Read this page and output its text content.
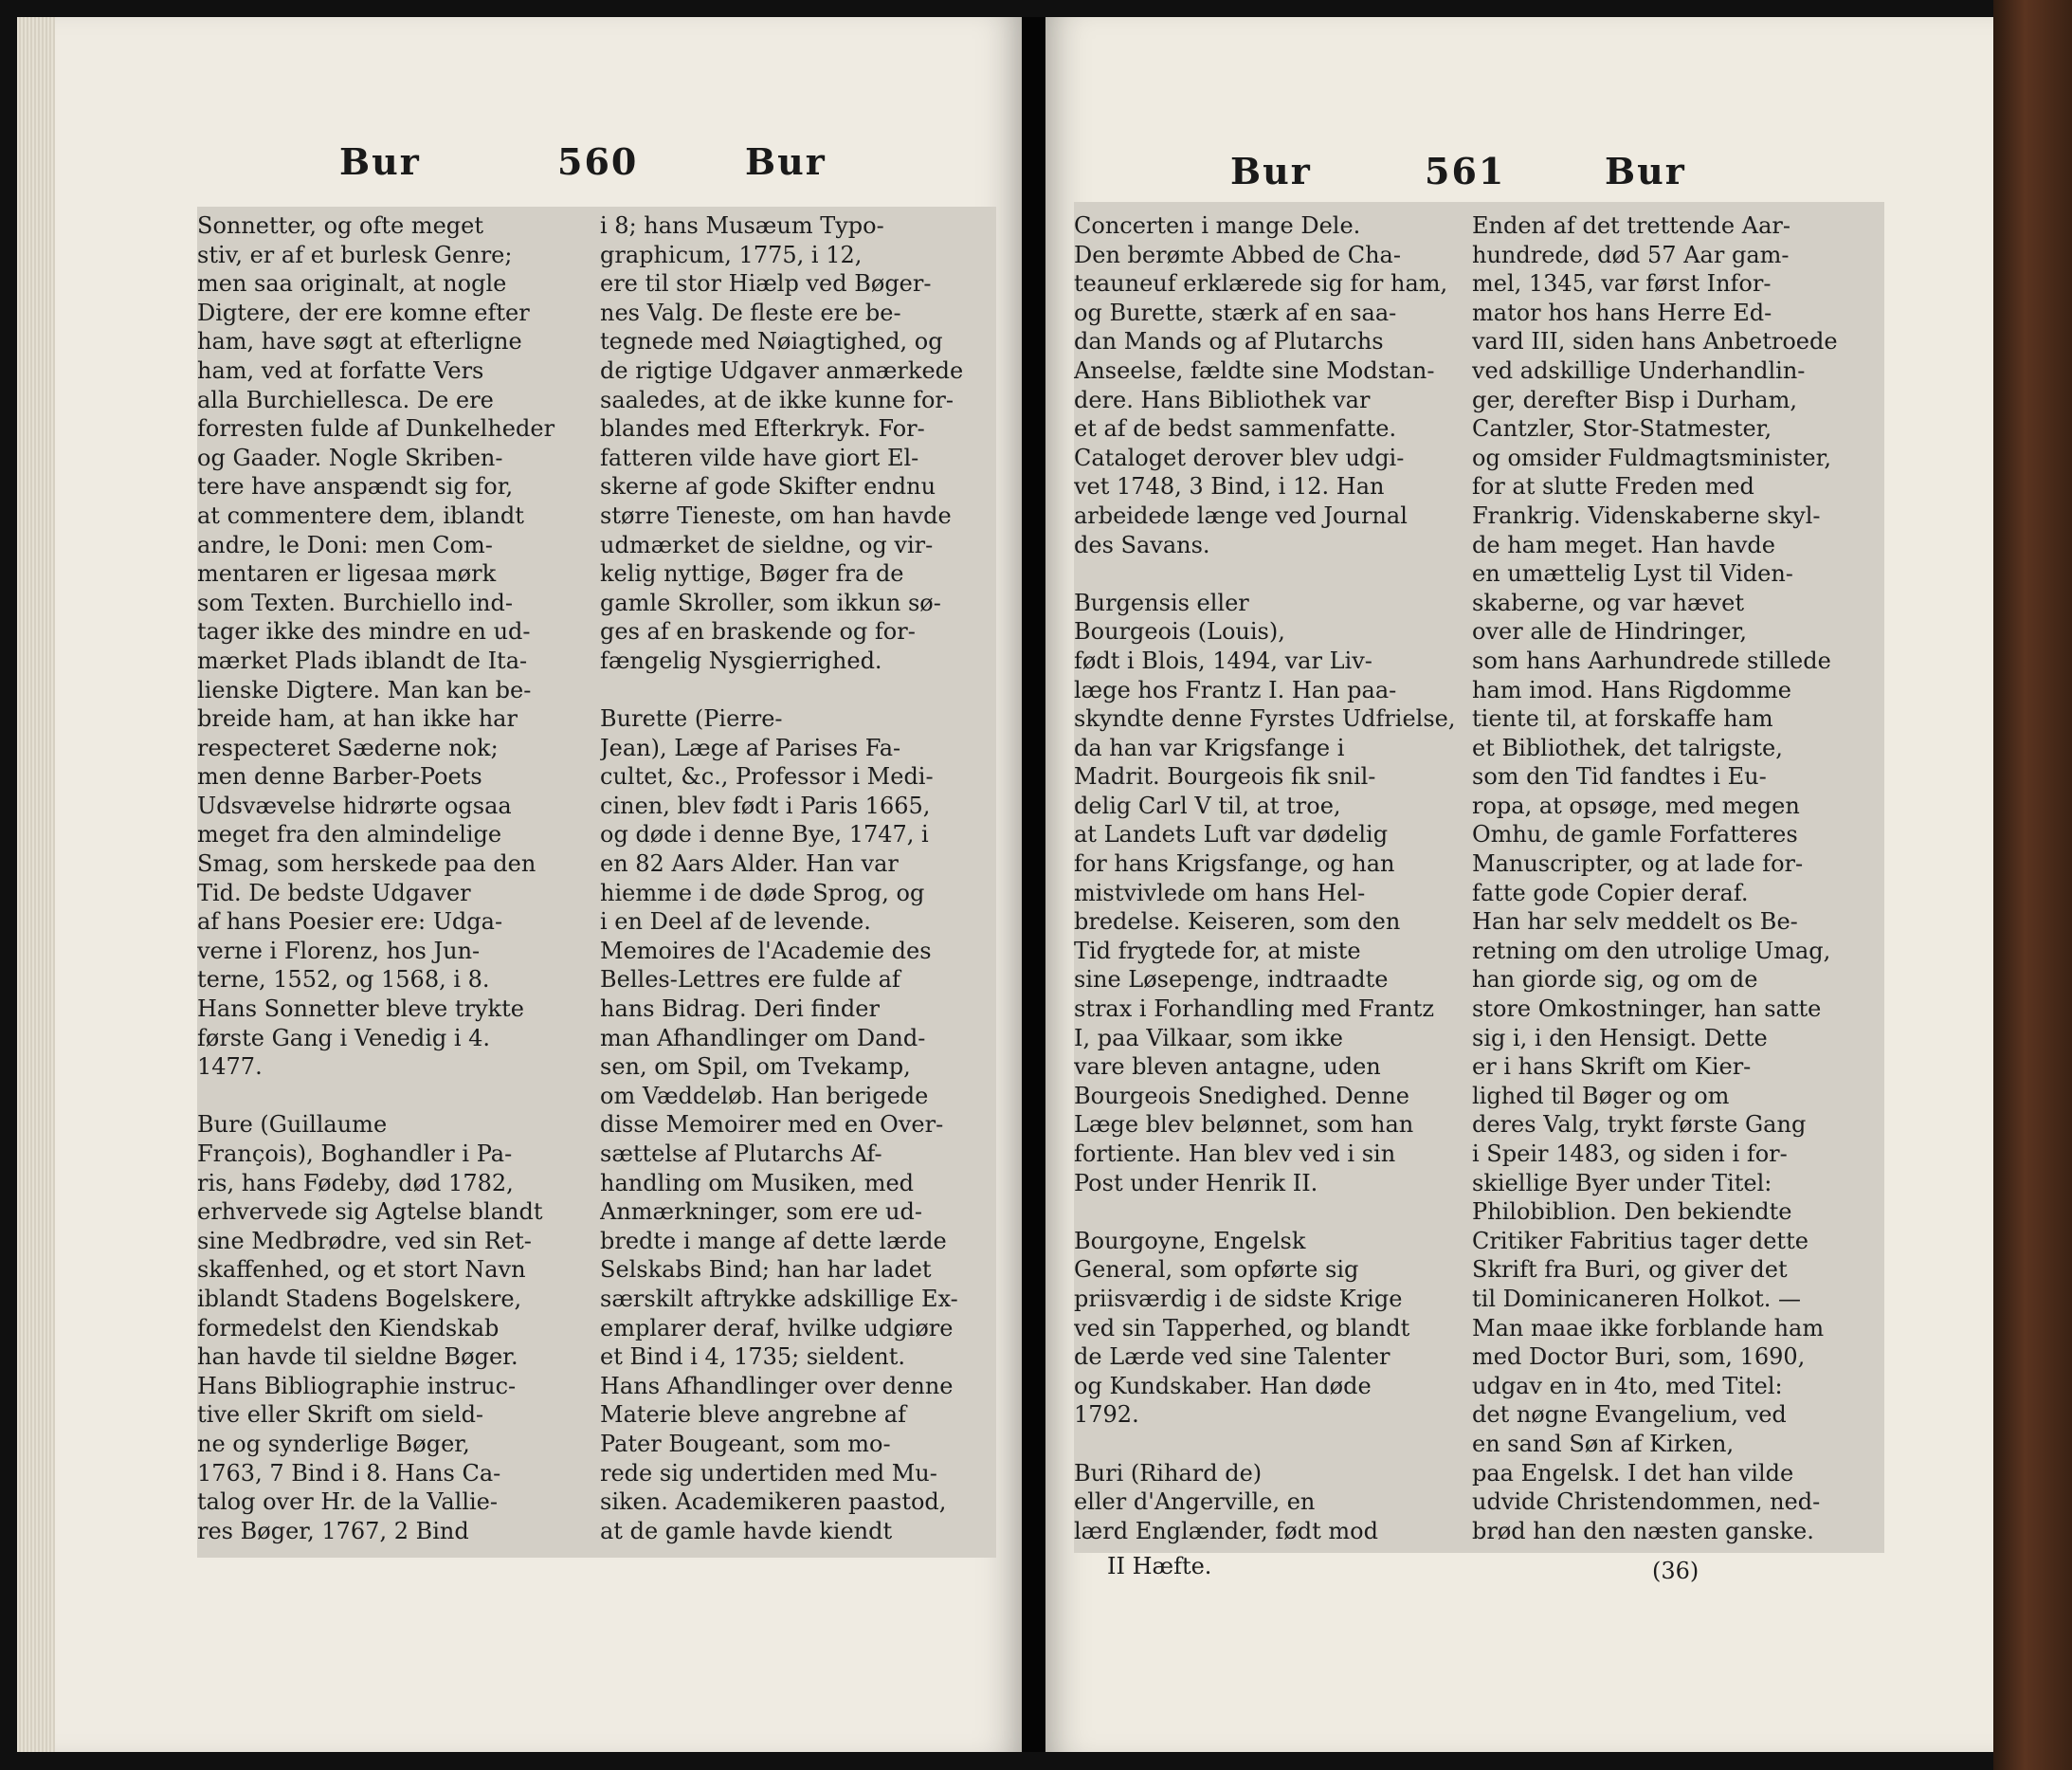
Bur	560	Bur
Sonnetter, og ofte meget
stiv, er af et burlesk Genre;
men saa originalt, at nogle
Digtere, der ere komne efter
ham, have søgt at efterligne
ham, ved at forfatte Vers
alla Burchiellesca. De ere
forresten fulde af Dunkelheder
og Gaader. Nogle Skriben-
tere have anspændt sig for,
at commentere dem, iblandt
andre, le Doni: men Com-
mentaren er ligesaa mørk
som Texten. Burchiello ind-
tager ikke des mindre en ud-
mærket Plads iblandt de Ita-
lienske Digtere. Man kan be-
breide ham, at han ikke har
respecteret Sæderne nok;
men denne Barber-Poets
Udsvævelse hidrørte ogsaa
meget fra den almindelige
Smag, som herskede paa den
Tid. De bedste Udgaver
af hans Poesier ere: Udga-
verne i Florenz, hos Jun-
terne, 1552, og 1568, i 8.
Hans Sonnetter bleve trykte
første Gang i Venedig i 4.
1477.
Bure (Guillaume
François), Boghandler i Pa-
ris, hans Fødeby, død 1782,
erhvervede sig Agtelse blandt
sine Medbrødre, ved sin Ret-
skaffenhed, og et stort Navn
iblandt Stadens Bogelskere,
formedelst den Kiendskab
han havde til sieldne Bøger.
Hans Bibliographie instruc-
tive eller Skrift om sield-
ne og synderlige Bøger,
1763, 7 Bind i 8. Hans Ca-
talog over Hr. de la Vallie-
res Bøger, 1767, 2 Bind
i 8; hans Musæum Typo-
graphicum, 1775, i 12,
ere til stor Hiælp ved Bøger-
nes Valg. De fleste ere be-
tegnede med Nøiagtighed, og
de rigtige Udgaver anmærkede
saaledes, at de ikke kunne for-
blandes med Efterkryk. For-
fatteren vilde have giort El-
skerne af gode Skifter endnu
større Tieneste, om han havde
udmærket de sieldne, og vir-
kelig nyttige, Bøger fra de
gamle Skroller, som ikkun sø-
ges af en braskende og for-
fængelig Nysgierrighed.
Burette (Pierre-
Jean), Læge af Parises Fa-
cultet, &c., Professor i Medi-
cinen, blev født i Paris 1665,
og døde i denne Bye, 1747, i
en 82 Aars Alder. Han var
hiemme i de døde Sprog, og
i en Deel af de levende.
Memoires de l'Academie des
Belles-Lettres ere fulde af
hans Bidrag. Deri finder
man Afhandlinger om Dand-
sen, om Spil, om Tvekamp,
om Væddeløb. Han berigede
disse Memoirer med en Over-
sættelse af Plutarchs Af-
handling om Musiken, med
Anmærkninger, som ere ud-
bredte i mange af dette lærde
Selskabs Bind; han har ladet
særskilt aftrykke adskillige Ex-
emplarer deraf, hvilke udgiøre
et Bind i 4, 1735; sieldent.
Hans Afhandlinger over denne
Materie bleve angrebne af
Pater Bougeant, som mo-
rede sig undertiden med Mu-
siken. Academikeren paastod,
at de gamle havde kiendt
Bur	561	Bur
Concerten i mange Dele.
Den berømte Abbed de Cha-
teauneuf erklærede sig for ham,
og Burette, stærk af en saa-
dan Mands og af Plutarchs
Anseelse, fældte sine Modstan-
dere. Hans Bibliothek var
et af de bedst sammenfatte.
Cataloget derover blev udgi-
vet 1748, 3 Bind, i 12. Han
arbeidede længe ved Journal
des Savans.
Burgensis eller
Bourgeois (Louis),
født i Blois, 1494, var Liv-
læge hos Frantz I. Han paa-
skyndte denne Fyrstes Udfrielse,
da han var Krigsfange i
Madrit. Bourgeois fik snil-
delig Carl V til, at troe,
at Landets Luft var dødelig
for hans Krigsfange, og han
mistvivlede om hans Hel-
bredelse. Keiseren, som den
Tid frygtede for, at miste
sine Løsepenge, indtraadte
strax i Forhandling med Frantz
I, paa Vilkaar, som ikke
vare bleven antagne, uden
Bourgeois Snedighed. Denne
Læge blev belønnet, som han
fortiente. Han blev ved i sin
Post under Henrik II.
Bourgoyne, Engelsk
General, som opførte sig
priisværdig i de sidste Krige
ved sin Tapperhed, og blandt
de Lærde ved sine Talenter
og Kundskaber. Han døde
1792.
Buri (Rihard de)
eller d'Angerville, en
lærd Englænder, født mod
Enden af det trettende Aar-
hundrede, død 57 Aar gam-
mel, 1345, var først Infor-
mator hos hans Herre Ed-
vard III, siden hans Anbetroede
ved adskillige Underhandlin-
ger, derefter Bisp i Durham,
Cantzler, Stor-Statmester,
og omsider Fuldmagtsminister,
for at slutte Freden med
Frankrig. Videnskaberne skyl-
de ham meget. Han havde
en umættelig Lyst til Viden-
skaberne, og var hævet
over alle de Hindringer,
som hans Aarhundrede stillede
ham imod. Hans Rigdomme
tiente til, at forskaffe ham
et Bibliothek, det talrigste,
som den Tid fandtes i Eu-
ropa, at opsøge, med megen
Omhu, de gamle Forfatteres
Manuscripter, og at lade for-
fatte gode Copier deraf.
Han har selv meddelt os Be-
retning om den utrolige Umag,
han giorde sig, og om de
store Omkostninger, han satte
sig i, i den Hensigt. Dette
er i hans Skrift om Kier-
lighed til Bøger og om
deres Valg, trykt første Gang
i Speir 1483, og siden i for-
skiellige Byer under Titel:
Philobiblion. Den bekiendte
Critiker Fabritius tager dette
Skrift fra Buri, og giver det
til Dominicaneren Holkot. —
Man maae ikke forblande ham
med Doctor Buri, som, 1690,
udgav en in 4to, med Titel:
det nøgne Evangelium, ved
en sand Søn af Kirken,
paa Engelsk. I det han vilde
udvide Christendommen, ned-
brød han den næsten ganske.
II Hæfte.	(36)
